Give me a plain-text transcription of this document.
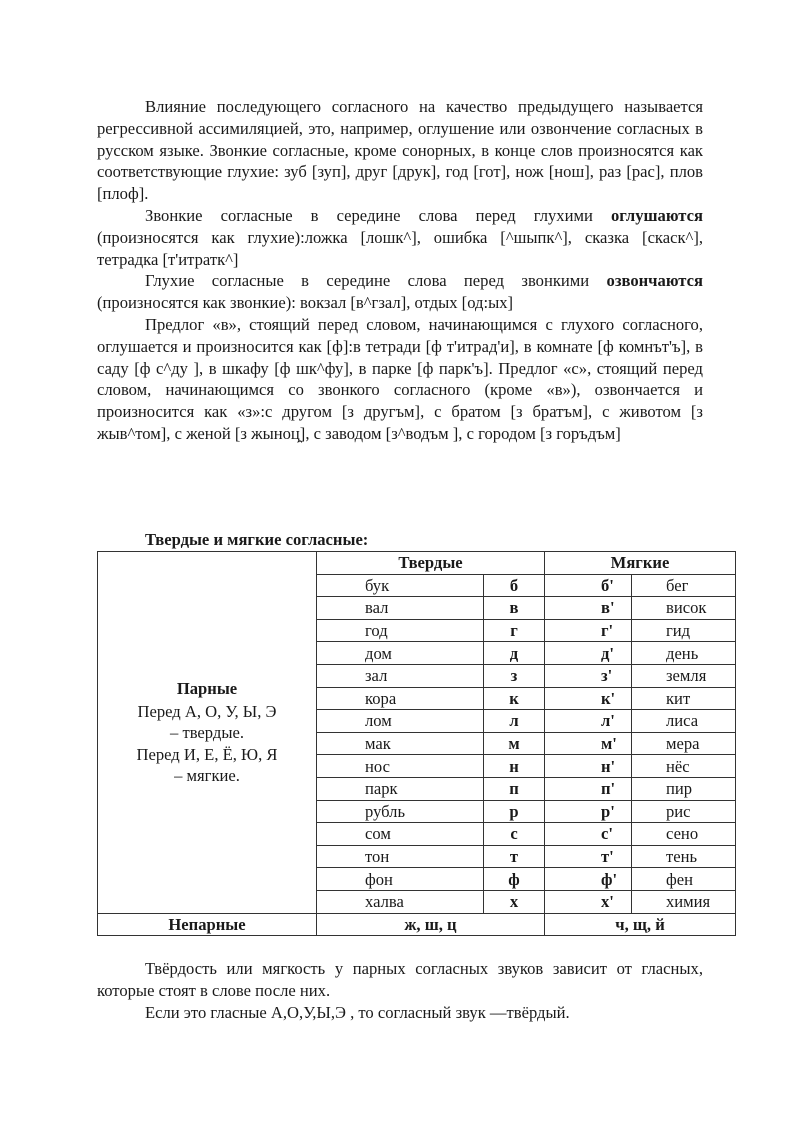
Влияние последующего согласного на качество предыдущего называется регрессивной ассимиляцией, это, например, оглушение или озвончение согласных в русском языке. Звонкие согласные, кроме сонорных, в конце слов произносятся как соответствующие глухие: зуб [зуп], друг [друк], год [гот], нож [нош], раз [рас], плов [плоф].

Звонкие согласные в середине слова перед глухими оглушаются (произносятся как глухие):ложка [лошк^], ошибка [^шыпк^], сказка [скаск^], тетрадка [т'итратк^]

Глухие согласные в середине слова перед звонкими озвончаются (произносятся как звонкие): вокзал [в^гзал], отдых [од:ых]

Предлог «в», стоящий перед словом, начинающимся с глухого согласного, оглушается и произносится как [ф]:в тетради [ф т'итрад'и], в комнате [ф комнът'ъ], в саду [ф с^ду ], в шкафу [ф шк^фу], в парке [ф парк'ъ]. Предлог «с», стоящий перед словом, начинающимся со звонкого согласного (кроме «в»), озвончается и произносится как «з»:с другом [з другъм], с братом [з братъм], с животом [з жыв^том], с женой [з жыноц̯], с заводом [з^водъм ], с городом [з горъдъм]

Твердые и мягкие согласные:
Парные
Перед А, О, У, Ы, Э
– твердые.
Перед И, Е, Ё, Ю, Я
– мягкие.	Твердые		Мягкие	
	бук	б	б'	бег
	вал	в	в'	висок
	год	г	г'	гид
	дом	д	д'	день
	зал	з	з'	земля
	кора	к	к'	кит
	лом	л	л'	лиса
	мак	м	м'	мера
	нос	н	н'	нёс
	парк	п	п'	пир
	рубль	р	р'	рис
	сом	с	с'	сено
	тон	т	т'	тень
	фон	ф	ф'	фен
	халва	х	х'	химия
Непарные	ж, ш, ц		ч, щ, й	

Твёрдость или мягкость у парных согласных звуков зависит от гласных, которые стоят в слове после них.

Если это гласные А,О,У,Ы,Э , то согласный звук —твёрдый.
